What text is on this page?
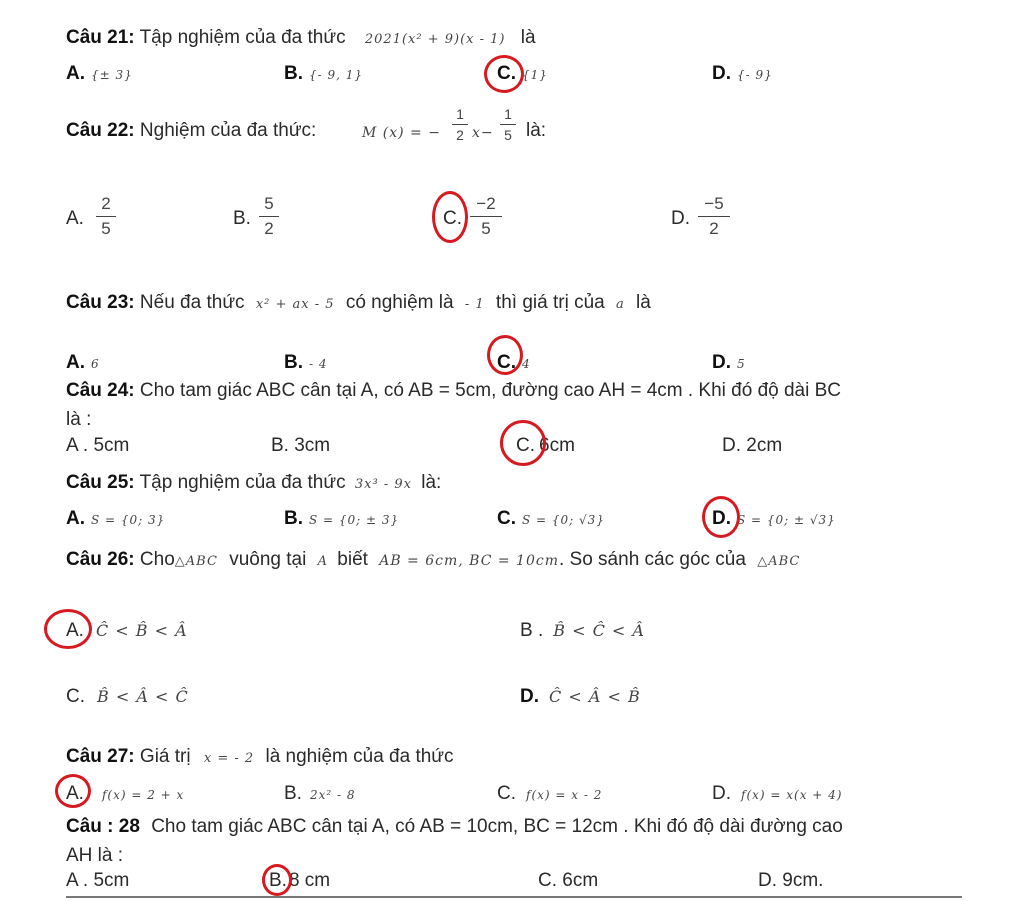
Câu 21: Tập nghiệm của đa thức 2021(x² + 9)(x - 1) là
A. {± 3}	B. {- 9, 1}	C. {1}	D. {- 9}
Câu 22: Nghiệm của đa thức:	M (x) = − $\frac{1}{2} x- \frac{1}{5}$ là:
A. $\frac{2}{5}$	B. $\frac{5}{2}$	C. $\frac{-2}{5}$	D. $\frac{-5}{2}$
Câu 23: Nếu đa thức x² + ax - 5 có nghiệm là - 1 thì giá trị của a là
A. 6	B. - 4	C. 4	D. 5
Câu 24: Cho tam giác ABC cân tại A, có AB = 5cm, đường cao AH = 4cm . Khi đó độ dài BC
là :
A . 5cm	B. 3cm	C. 6cm	D. 2cm
Câu 25: Tập nghiệm của đa thức 3x³ - 9x là:
A. S = {0; 3}	B. S = {0; ± 3}	C. S = {0; √3}	D. S = {0; ± √3}
Câu 26: Cho△ABC vuông tại A biết AB = 6cm, BC = 10cm. So sánh các góc của △ABC
A. Ĉ < B̂ < Â	B . B̂ < Ĉ < Â
C. B̂ < Â < Ĉ	D. Ĉ < Â < B̂
Câu 27: Giá trị x = - 2 là nghiệm của đa thức
A. f(x) = 2 + x	B. 2x² - 8	C. f(x) = x - 2	D. f(x) = x(x + 4)
Câu : 28 Cho tam giác ABC cân tại A, có AB = 10cm, BC = 12cm . Khi đó độ dài đường cao
AH là :
A . 5cm	B. 8 cm	C. 6cm	D. 9cm.
